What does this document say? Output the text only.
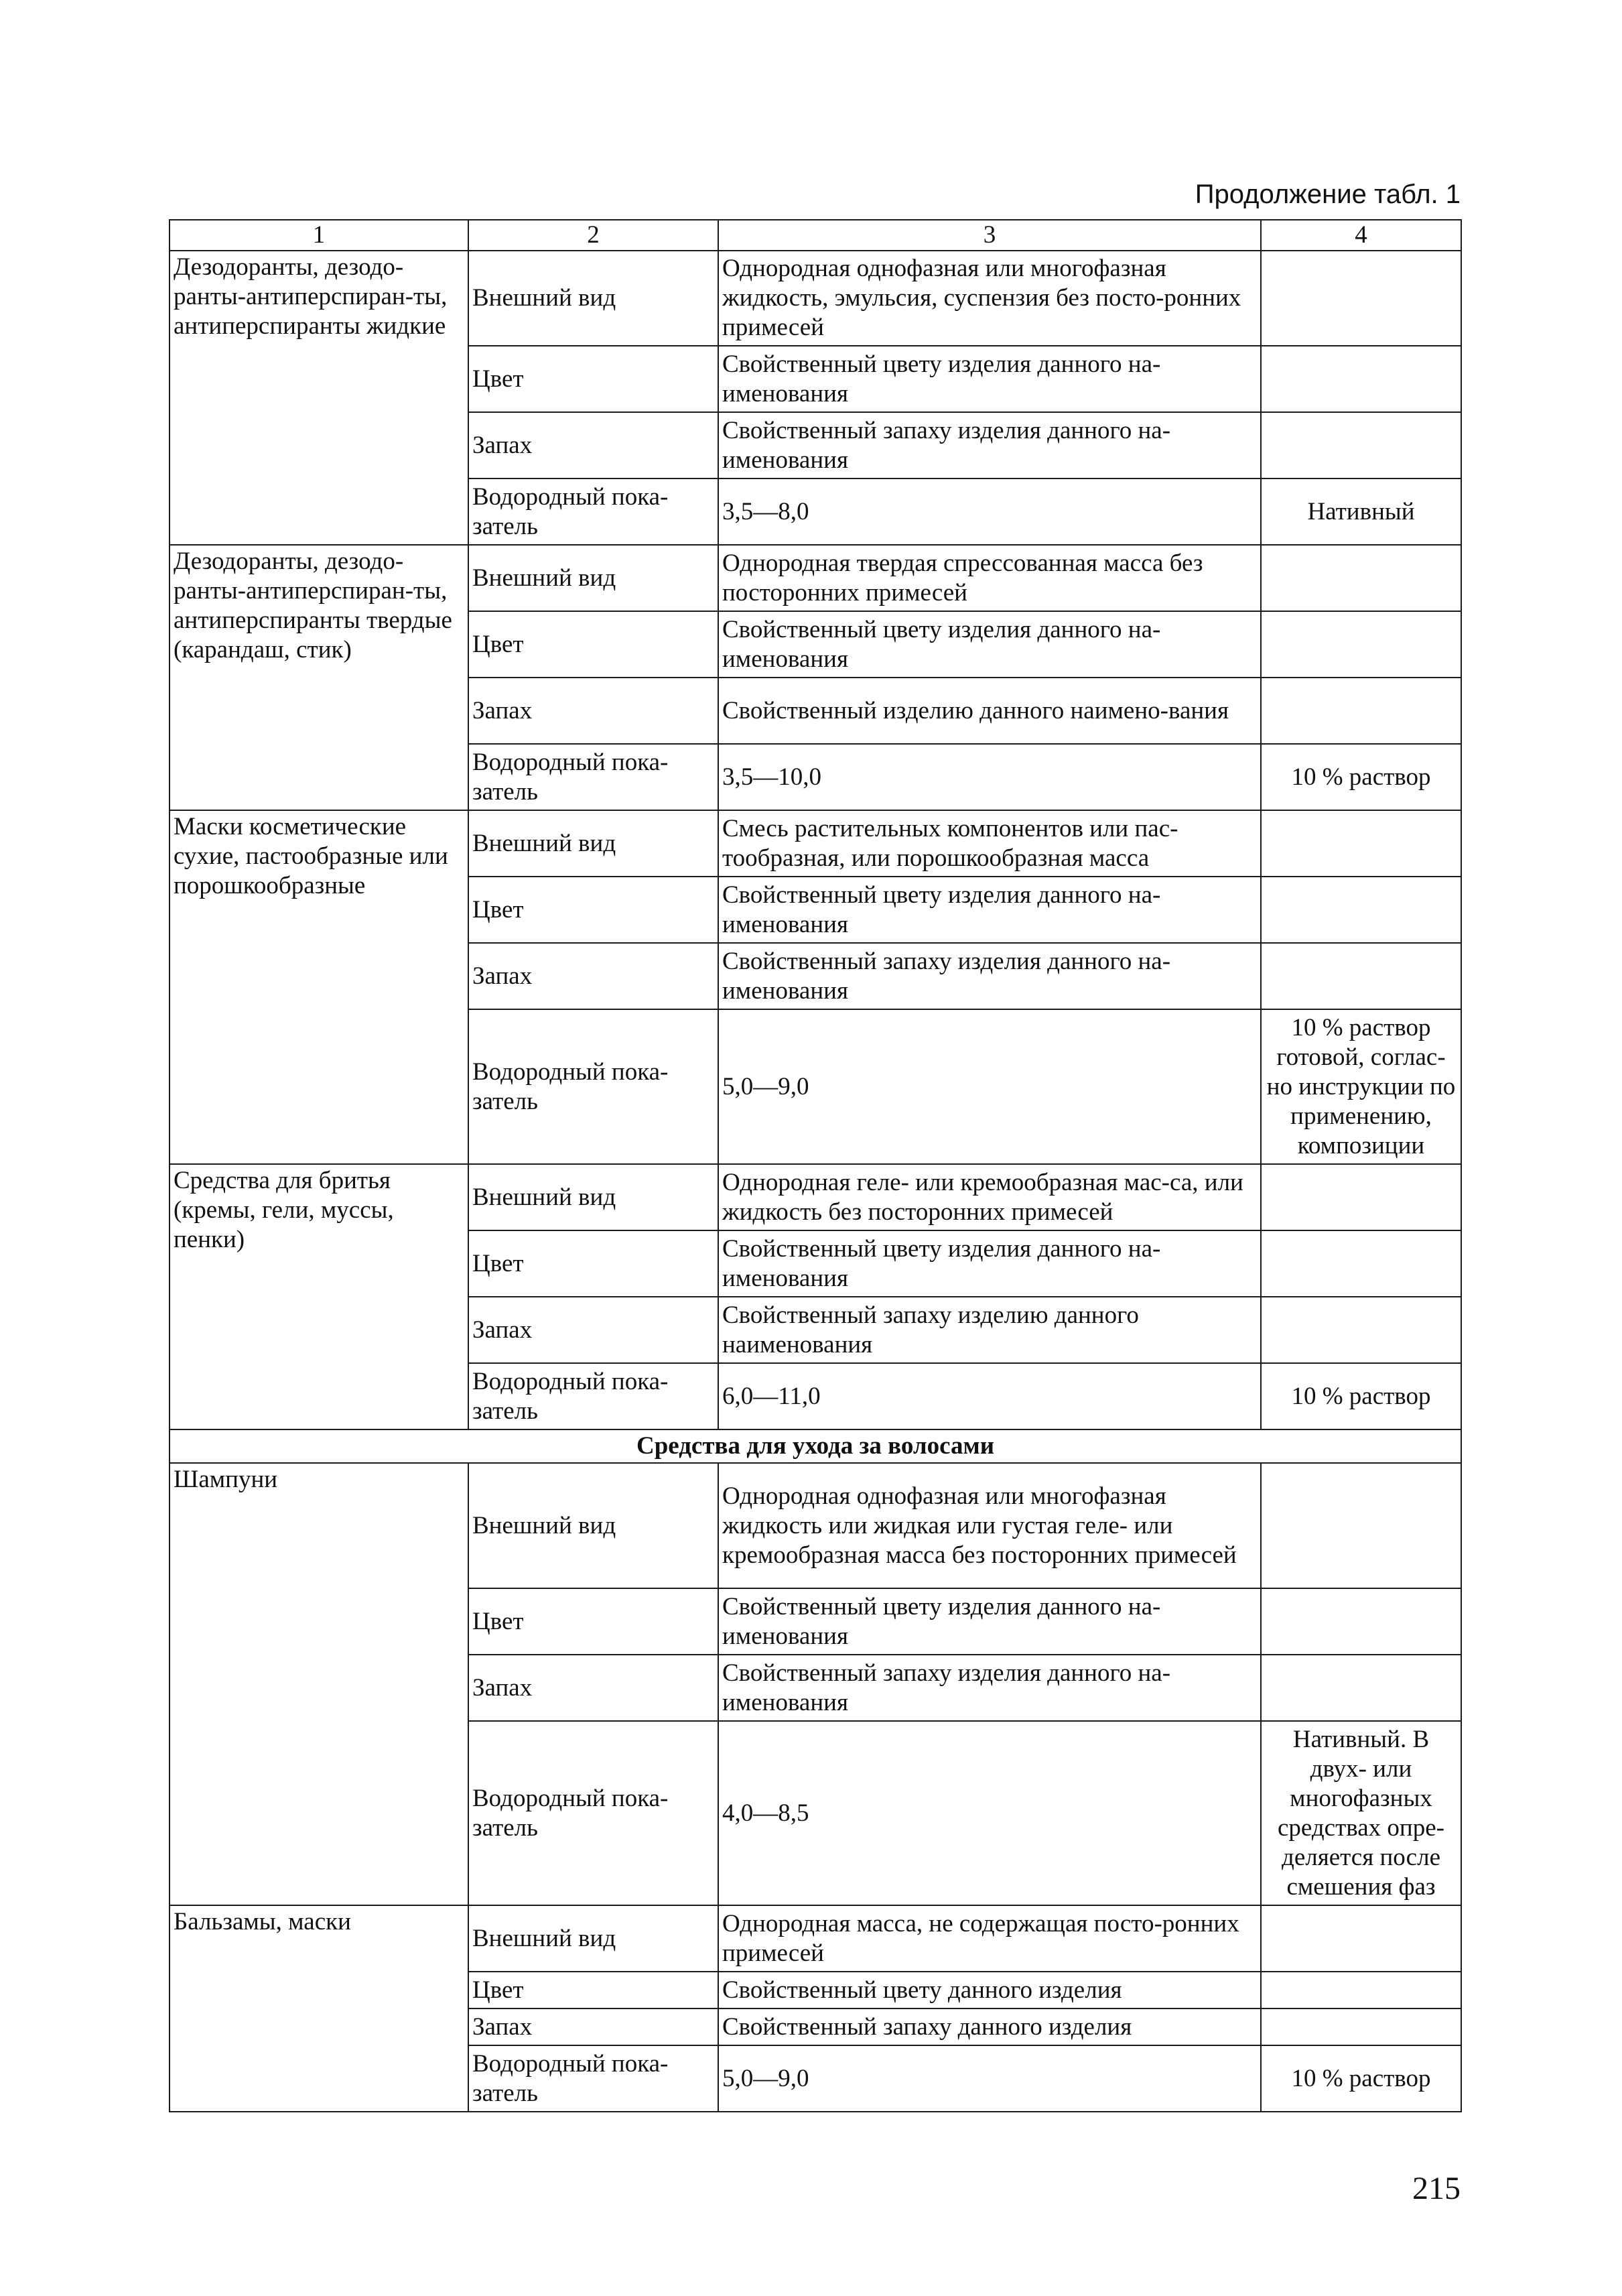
Продолжение табл. 1
1	2	3	4
Дезодоранты, дезодо-ранты-антиперспиран-ты, антиперспиранты жидкие	Внешний вид	Однородная однофазная или многофазная жидкость, эмульсия, суспензия без посто-ронних примесей	
	Цвет	Свойственный цвету изделия данного на-именования	
	Запах	Свойственный запаху изделия данного на-именования	
	Водородный пока-затель	3,5—8,0	Нативный
Дезодоранты, дезодо-ранты-антиперспиран-ты, антиперспиранты твердые (карандаш, стик)	Внешний вид	Однородная твердая спрессованная масса без посторонних примесей	
	Цвет	Свойственный цвету изделия данного на-именования	
	Запах	Свойственный изделию данного наимено-вания	
	Водородный пока-затель	3,5—10,0	10 % раствор
Маски косметические сухие, пастообразные или порошкообразные	Внешний вид	Смесь растительных компонентов или пас-тообразная, или порошкообразная масса	
	Цвет	Свойственный цвету изделия данного на-именования	
	Запах	Свойственный запаху изделия данного на-именования	
	Водородный пока-затель	5,0—9,0	10 % раствор готовой, соглас-но инструкции по применению, композиции
Средства для бритья (кремы, гели, муссы, пенки)	Внешний вид	Однородная геле- или кремообразная мас-са, или жидкость без посторонних примесей	
	Цвет	Свойственный цвету изделия данного на-именования	
	Запах	Свойственный запаху изделию данного наименования	
	Водородный пока-затель	6,0—11,0	10 % раствор
Средства для ухода за волосами			
Шампуни	Внешний вид	Однородная однофазная или многофазная жидкость или жидкая или густая геле- или кремообразная масса без посторонних примесей	
	Цвет	Свойственный цвету изделия данного на-именования	
	Запах	Свойственный запаху изделия данного на-именования	
	Водородный пока-затель	4,0—8,5	Нативный. В двух- или многофазных средствах опре-деляется после смешения фаз
Бальзамы, маски	Внешний вид	Однородная масса, не содержащая посто-ронних примесей	
	Цвет	Свойственный цвету данного изделия	
	Запах	Свойственный запаху данного изделия	
	Водородный пока-затель	5,0—9,0	10 % раствор
215
